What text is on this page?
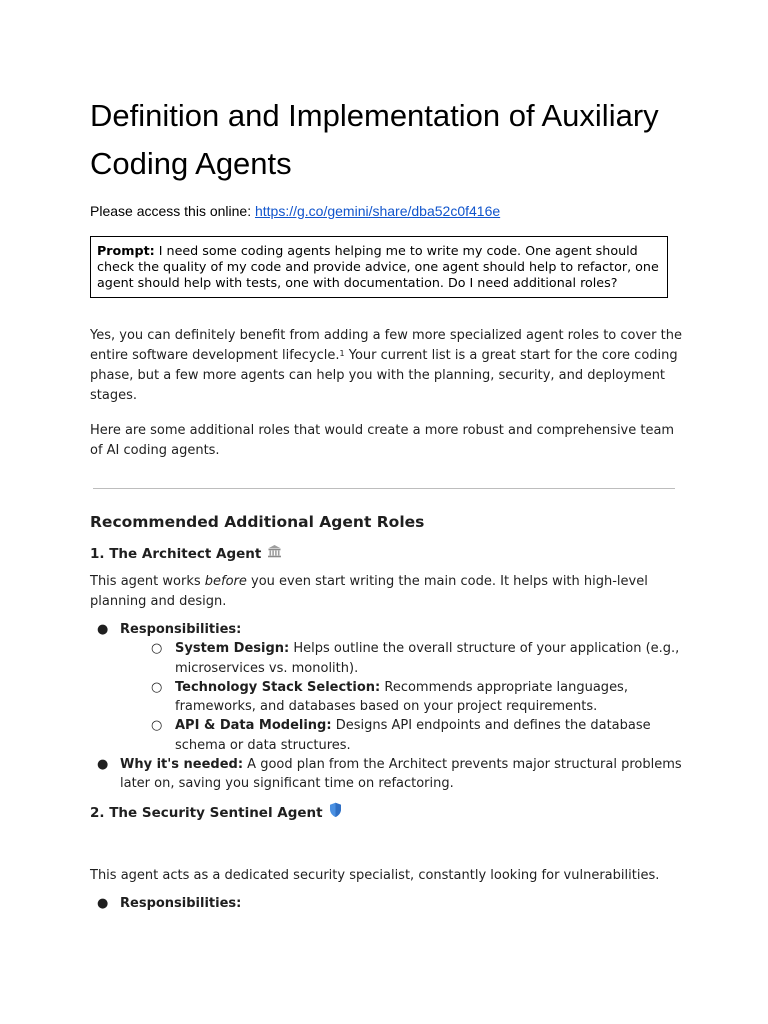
Definition and Implementation of Auxiliary Coding Agents
Please access this online: https://g.co/gemini/share/dba52c0f416e
Prompt: I need some coding agents helping me to write my code. One agent should check the quality of my code and provide advice, one agent should help to refactor, one agent should help with tests, one with documentation. Do I need additional roles?

Yes, you can definitely benefit from adding a few more specialized agent roles to cover the entire software development lifecycle.$^1$ Your current list is a great start for the core coding phase, but a few more agents can help you with the planning, security, and deployment stages.

Here are some additional roles that would create a more robust and comprehensive team of AI coding agents.

Recommended Additional Agent Roles
1. The Architect Agent

This agent works before you even start writing the main code. It helps with high-level planning and design.

● Responsibilities:
○ System Design: Helps outline the overall structure of your application (e.g., microservices vs. monolith).
○ Technology Stack Selection: Recommends appropriate languages, frameworks, and databases based on your project requirements.
○ API & Data Modeling: Designs API endpoints and defines the database schema or data structures.
● Why it's needed: A good plan from the Architect prevents major structural problems later on, saving you significant time on refactoring.
2. The Security Sentinel Agent

This agent acts as a dedicated security specialist, constantly looking for vulnerabilities.

● Responsibilities:
